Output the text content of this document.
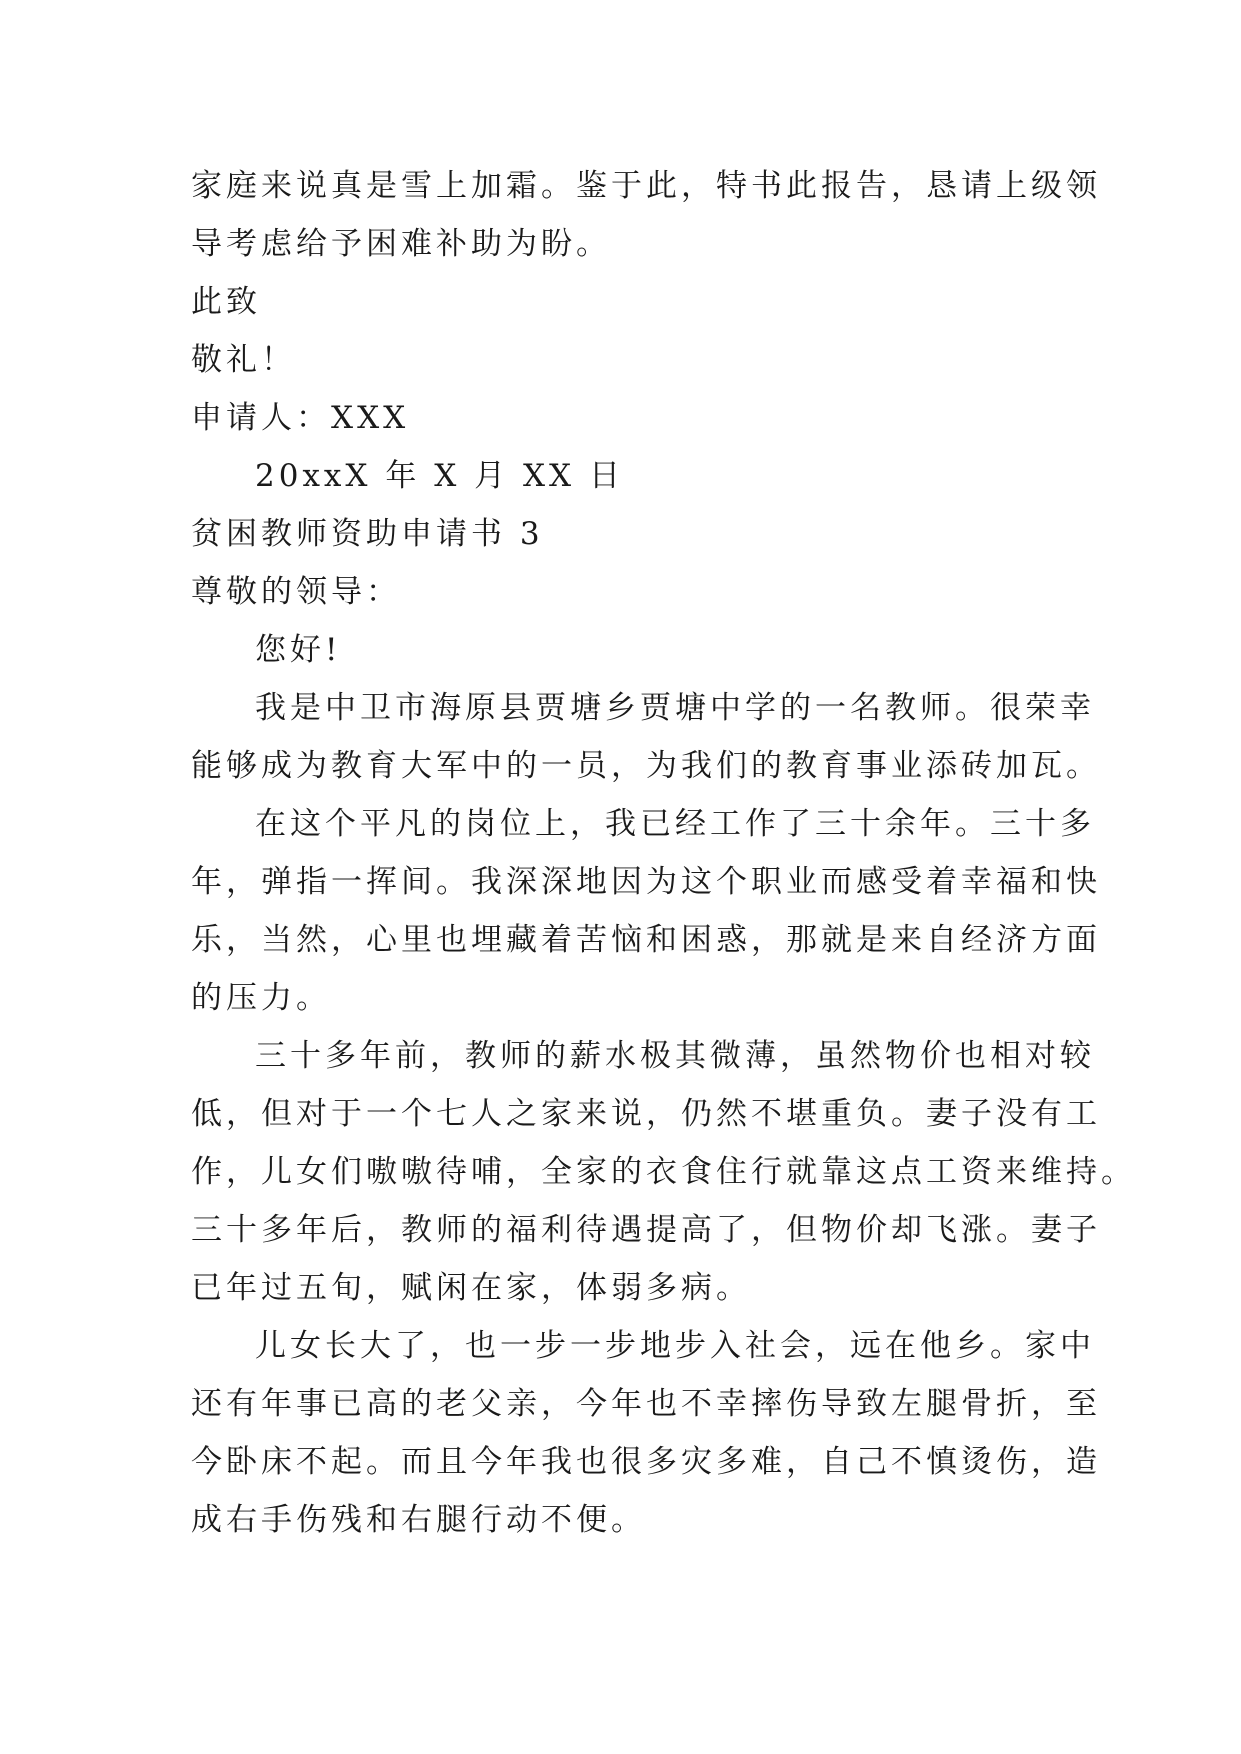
家庭来说真是雪上加霜。鉴于此，特书此报告，恳请上级领
导考虑给予困难补助为盼。
此致
敬礼！
申请人：XXX
20xxX 年 X 月 XX 日
贫困教师资助申请书 3
尊敬的领导：
您好!
我是中卫市海原县贾塘乡贾塘中学的一名教师。很荣幸
能够成为教育大军中的一员，为我们的教育事业添砖加瓦。
在这个平凡的岗位上，我已经工作了三十余年。三十多
年，弹指一挥间。我深深地因为这个职业而感受着幸福和快
乐，当然，心里也埋藏着苦恼和困惑，那就是来自经济方面
的压力。
三十多年前，教师的薪水极其微薄，虽然物价也相对较
低，但对于一个七人之家来说，仍然不堪重负。妻子没有工
作，儿女们嗷嗷待哺，全家的衣食住行就靠这点工资来维持。
三十多年后，教师的福利待遇提高了，但物价却飞涨。妻子
已年过五旬，赋闲在家，体弱多病。
儿女长大了，也一步一步地步入社会，远在他乡。家中
还有年事已高的老父亲，今年也不幸摔伤导致左腿骨折，至
今卧床不起。而且今年我也很多灾多难，自己不慎烫伤，造
成右手伤残和右腿行动不便。
